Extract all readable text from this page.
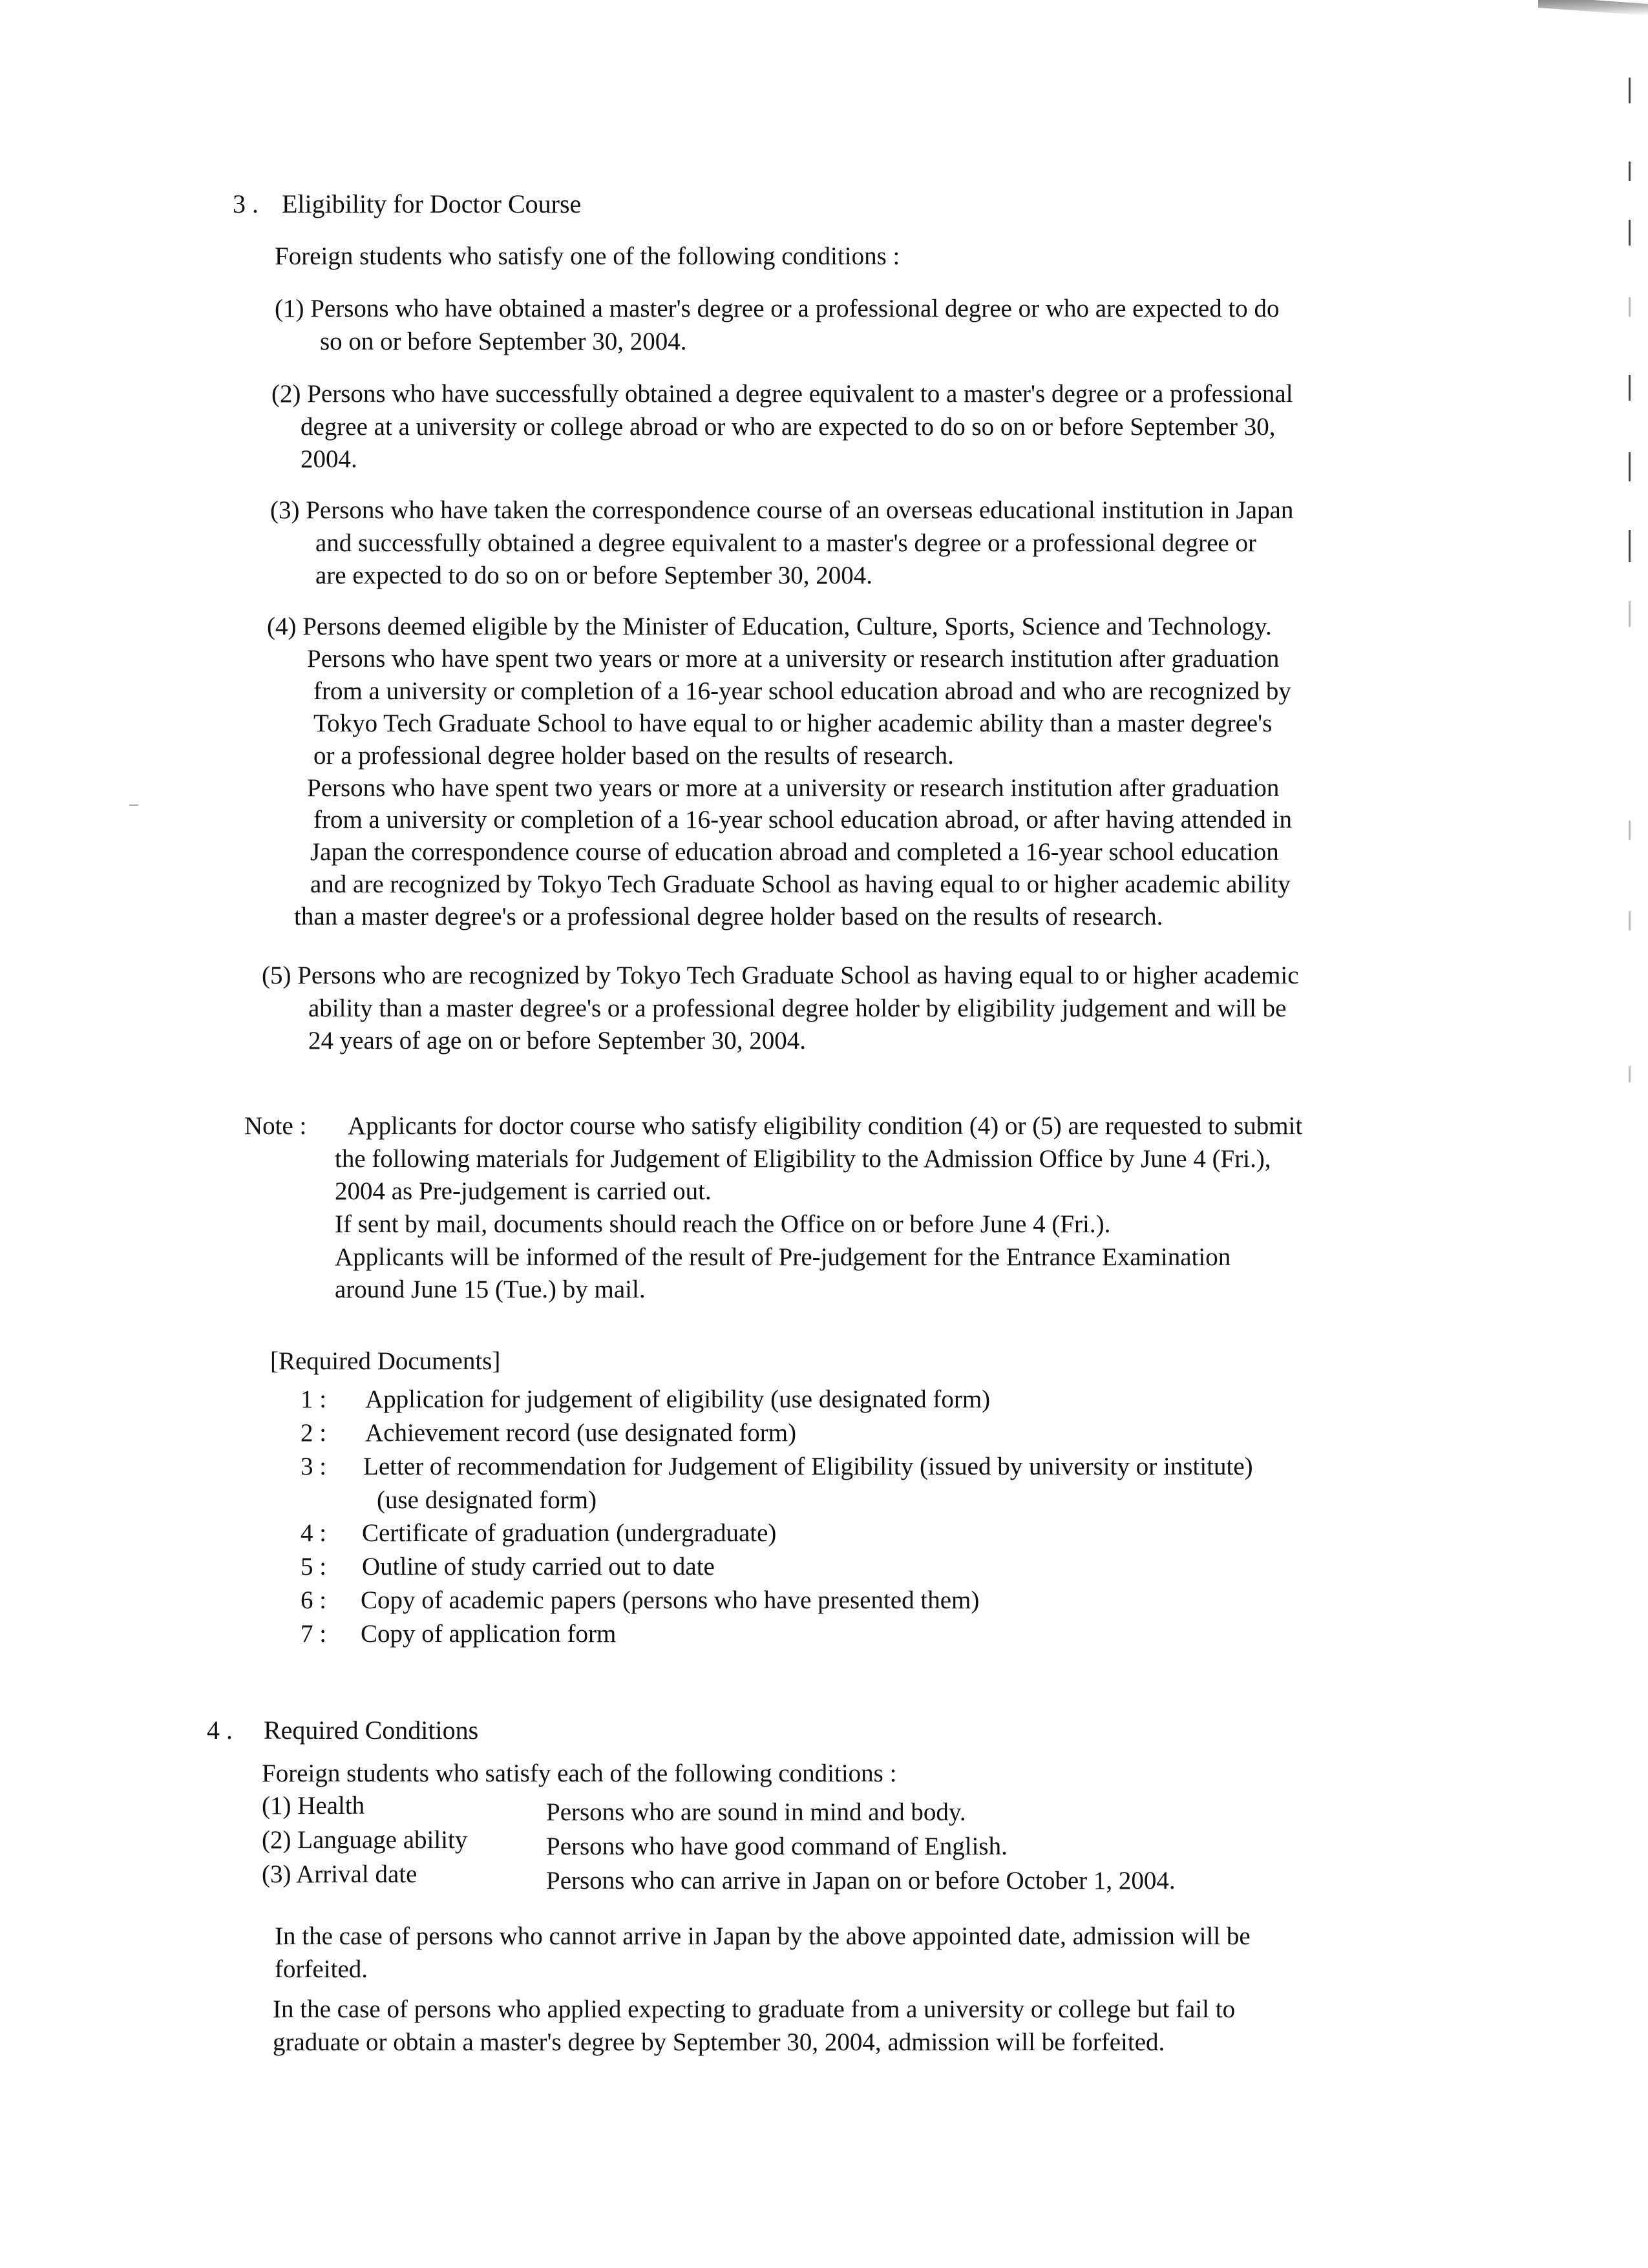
3 . Eligibility for Doctor Course
Foreign students who satisfy one of the following conditions :
(1) Persons who have obtained a master's degree or a professional degree or who are expected to do
so on or before September 30, 2004.
(2) Persons who have successfully obtained a degree equivalent to a master's degree or a professional
degree at a university or college abroad or who are expected to do so on or before September 30,
2004.
(3) Persons who have taken the correspondence course of an overseas educational institution in Japan
and successfully obtained a degree equivalent to a master's degree or a professional degree or
are expected to do so on or before September 30, 2004.
(4) Persons deemed eligible by the Minister of Education, Culture, Sports, Science and Technology.
Persons who have spent two years or more at a university or research institution after graduation
from a university or completion of a 16-year school education abroad and who are recognized by
Tokyo Tech Graduate School to have equal to or higher academic ability than a master degree's
or a professional degree holder based on the results of research.
Persons who have spent two years or more at a university or research institution after graduation
from a university or completion of a 16-year school education abroad, or after having attended in
Japan the correspondence course of education abroad and completed a 16-year school education
and are recognized by Tokyo Tech Graduate School as having equal to or higher academic ability
than a master degree's or a professional degree holder based on the results of research.
(5) Persons who are recognized by Tokyo Tech Graduate School as having equal to or higher academic
ability than a master degree's or a professional degree holder by eligibility judgement and will be
24 years of age on or before September 30, 2004.
Note : Applicants for doctor course who satisfy eligibility condition (4) or (5) are requested to submit
the following materials for Judgement of Eligibility to the Admission Office by June 4 (Fri.),
2004 as Pre-judgement is carried out.
If sent by mail, documents should reach the Office on or before June 4 (Fri.).
Applicants will be informed of the result of Pre-judgement for the Entrance Examination
around June 15 (Tue.) by mail.
[Required Documents]
1 : Application for judgement of eligibility (use designated form)
2 : Achievement record (use designated form)
3 : Letter of recommendation for Judgement of Eligibility (issued by university or institute)
(use designated form)
4 : Certificate of graduation (undergraduate)
5 : Outline of study carried out to date
6 : Copy of academic papers (persons who have presented them)
7 : Copy of application form
4 . Required Conditions
Foreign students who satisfy each of the following conditions :
(1) Health	Persons who are sound in mind and body.
(2) Language ability	Persons who have good command of English.
(3) Arrival date	Persons who can arrive in Japan on or before October 1, 2004.
In the case of persons who cannot arrive in Japan by the above appointed date, admission will be
forfeited.
In the case of persons who applied expecting to graduate from a university or college but fail to
graduate or obtain a master's degree by September 30, 2004, admission will be forfeited.
